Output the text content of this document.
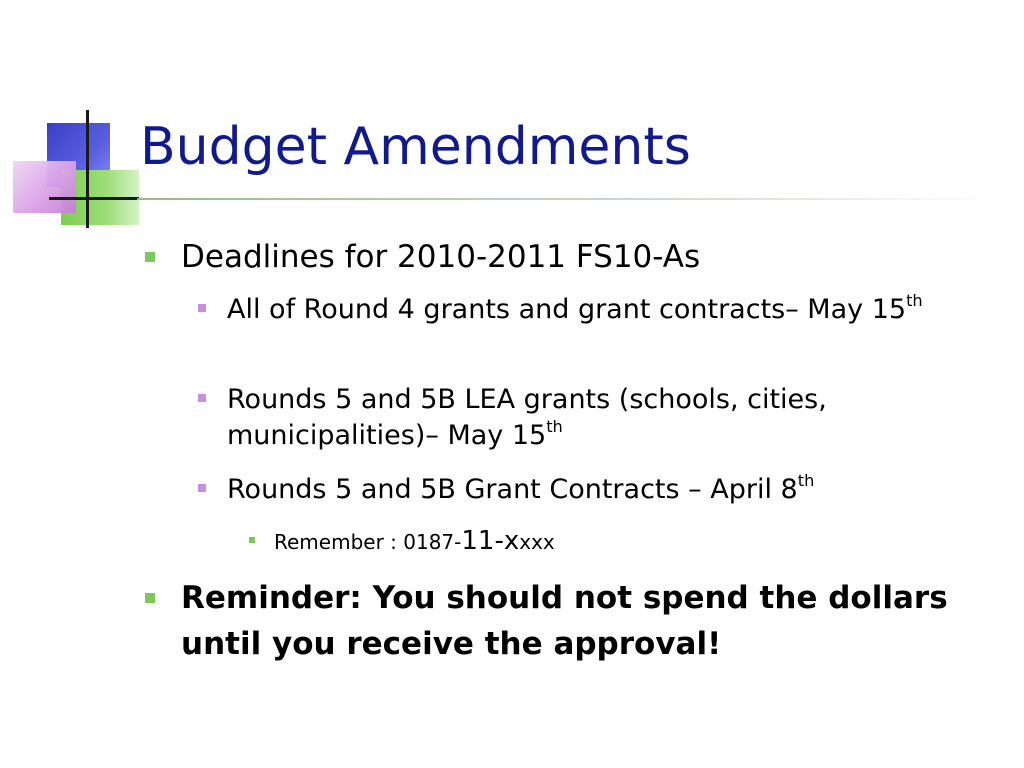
Budget Amendments
Deadlines for 2010-2011 FS10-As
All of Round 4 grants and grant contracts– May 15th
Rounds 5 and 5B LEA grants (schools, cities, municipalities)– May 15th
Rounds 5 and 5B Grant Contracts – April 8th
Remember : 0187-11-xxxx
Reminder: You should not spend the dollars until you receive the approval!
